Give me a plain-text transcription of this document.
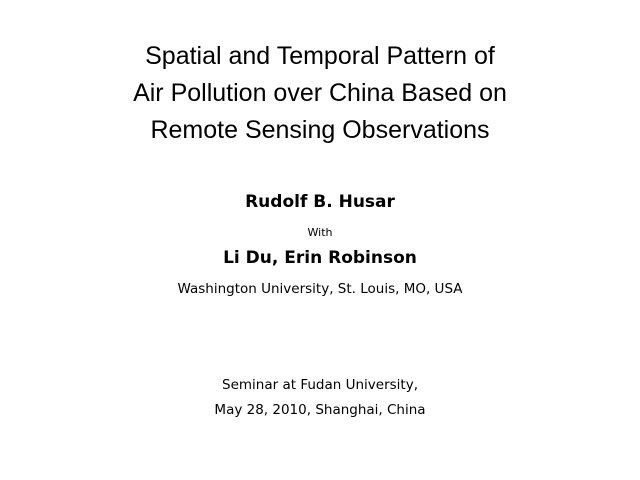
Spatial and Temporal Pattern of
Air Pollution over China Based on
Remote Sensing Observations
Rudolf B. Husar
With
Li Du, Erin Robinson
Washington University, St. Louis, MO, USA
Seminar at Fudan University,
May 28, 2010, Shanghai, China
